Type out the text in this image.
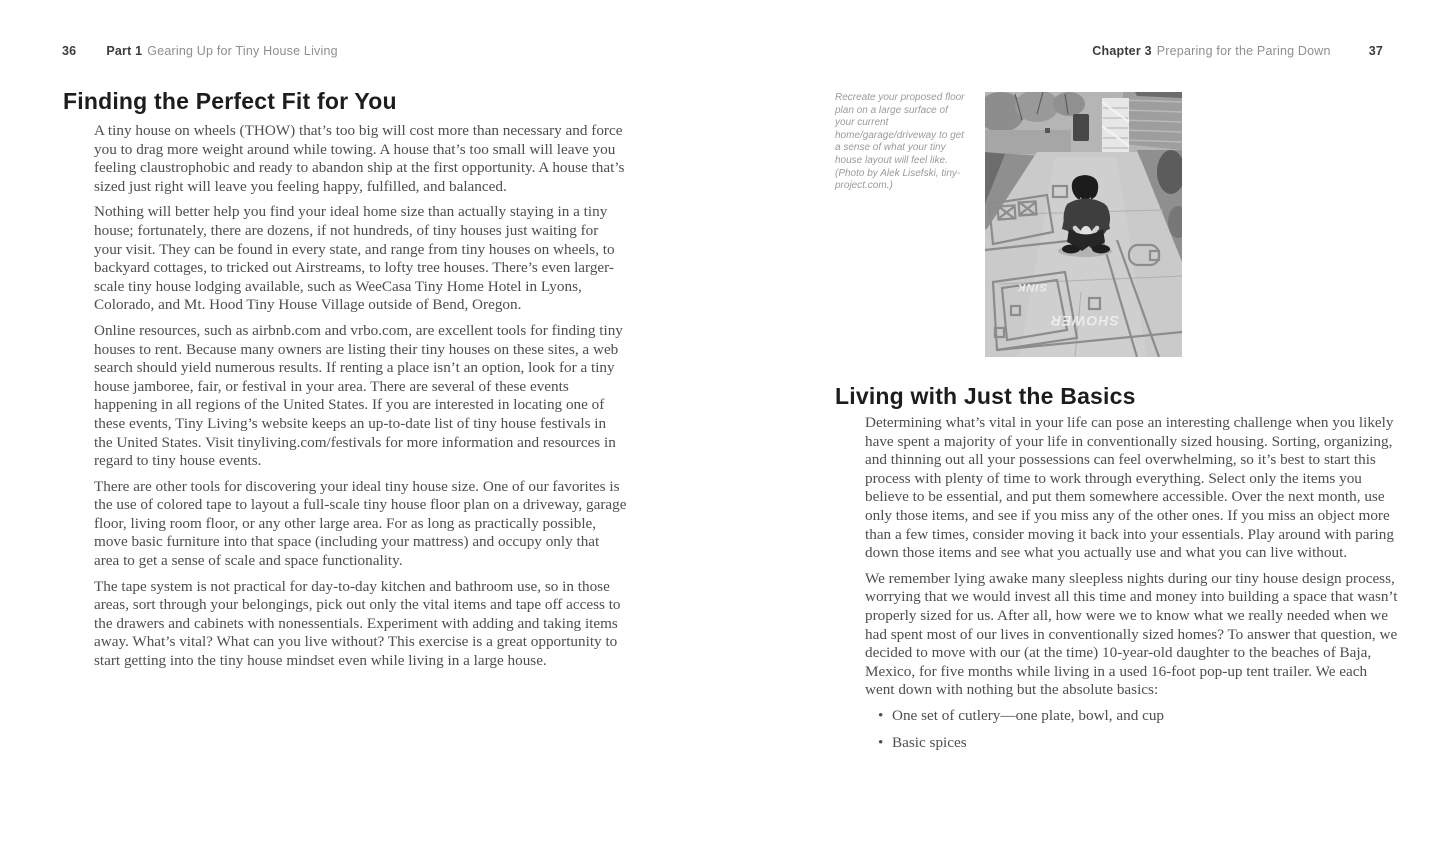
36 Part 1 Gearing Up for Tiny House Living	Chapter 3 Preparing for the Paring Down	37
Finding the Perfect Fit for You

A tiny house on wheels (THOW) that’s too big will cost more than necessary and force you to drag more weight around while towing. A house that’s too small will leave you feeling claustrophobic and ready to abandon ship at the first opportunity. A house that’s sized just right will leave you feeling happy, fulfilled, and balanced.

Nothing will better help you find your ideal home size than actually staying in a tiny house; fortunately, there are dozens, if not hundreds, of tiny houses just waiting for your visit. They can be found in every state, and range from tiny houses on wheels, to backyard cottages, to tricked out Airstreams, to lofty tree houses. There’s even larger-scale tiny house lodging available, such as WeeCasa Tiny Home Hotel in Lyons, Colorado, and Mt. Hood Tiny House Village outside of Bend, Oregon.

Online resources, such as airbnb.com and vrbo.com, are excellent tools for finding tiny houses to rent. Because many owners are listing their tiny houses on these sites, a web search should yield numerous results. If renting a place isn’t an option, look for a tiny house jamboree, fair, or festival in your area. There are several of these events happening in all regions of the United States. If you are interested in locating one of these events, Tiny Living’s website keeps an up-to-date list of tiny house festivals in the United States. Visit tinyliving.com/festivals for more information and resources in regard to tiny house events.

There are other tools for discovering your ideal tiny house size. One of our favorites is the use of colored tape to layout a full-scale tiny house floor plan on a driveway, garage floor, living room floor, or any other large area. For as long as practically possible, move basic furniture into that space (including your mattress) and occupy only that area to get a sense of scale and space functionality.

The tape system is not practical for day-to-day kitchen and bathroom use, so in those areas, sort through your belongings, pick out only the vital items and tape off access to the drawers and cabinets with nonessentials. Experiment with adding and taking items away. What’s vital? What can you live without? This exercise is a great opportunity to start getting into the tiny house mindset even while living in a large house.

Recreate your proposed floor plan on a large surface of your current home/garage/driveway to get a sense of what your tiny house layout will feel like. (Photo by Alek Lisefski, tiny-project.com.)
SINK
SHOWER
Living with Just the Basics

Determining what’s vital in your life can pose an interesting challenge when you likely have spent a majority of your life in conventionally sized housing. Sorting, organizing, and thinning out all your possessions can feel overwhelming, so it’s best to start this process with plenty of time to work through everything. Select only the items you believe to be essential, and put them somewhere accessible. Over the next month, use only those items, and see if you miss any of the other ones. If you miss an object more than a few times, consider moving it back into your essentials. Play around with paring down those items and see what you actually use and what you can live without.

We remember lying awake many sleepless nights during our tiny house design process, worrying that we would invest all this time and money into building a space that wasn’t properly sized for us. After all, how were we to know what we really needed when we had spent most of our lives in conventionally sized homes? To answer that question, we decided to move with our (at the time) 10-year-old daughter to the beaches of Baja, Mexico, for five months while living in a used 16-foot pop-up tent trailer. We each went down with nothing but the absolute basics:

• One set of cutlery—one plate, bowl, and cup
• Basic spices
